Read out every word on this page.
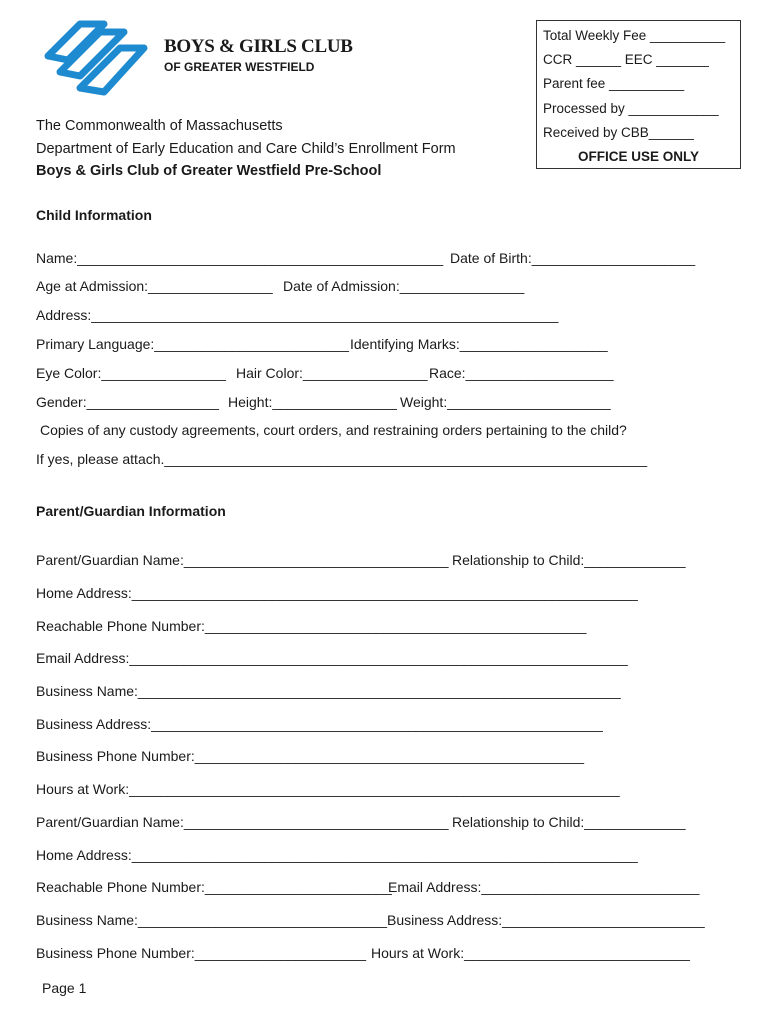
BOYS & GIRLS CLUB
OF GREATER WESTFIELD
Total Weekly Fee __________
CCR ______ EEC _______
Parent fee __________
Processed by ____________
Received by CBB______
OFFICE USE ONLY
The Commonwealth of Massachusetts
Department of Early Education and Care Child’s Enrollment Form
Boys & Girls Club of Greater Westfield Pre-School
Child Information
Name:_______________________________________________ Date of Birth:_____________________
Age at Admission:________________ Date of Admission:________________
Address:____________________________________________________________
Primary Language:_________________________ Identifying Marks:___________________
Eye Color:________________ Hair Color:________________ Race:___________________
Gender:_________________ Height:________________ Weight:_____________________
Copies of any custody agreements, court orders, and restraining orders pertaining to the child?
If yes, please attach.______________________________________________________________
Parent/Guardian Information
Parent/Guardian Name:__________________________________ Relationship to Child:_____________
Home Address:_________________________________________________________________
Reachable Phone Number:_________________________________________________
Email Address:________________________________________________________________
Business Name:______________________________________________________________
Business Address:__________________________________________________________
Business Phone Number:__________________________________________________
Hours at Work:_______________________________________________________________
Parent/Guardian Name:__________________________________ Relationship to Child:_____________
Home Address:_________________________________________________________________
Reachable Phone Number:________________________
Email Address:____________________________
Business Name:________________________________ Business Address:__________________________
Business Phone Number:______________________ Hours at Work:_____________________________
Page 1
